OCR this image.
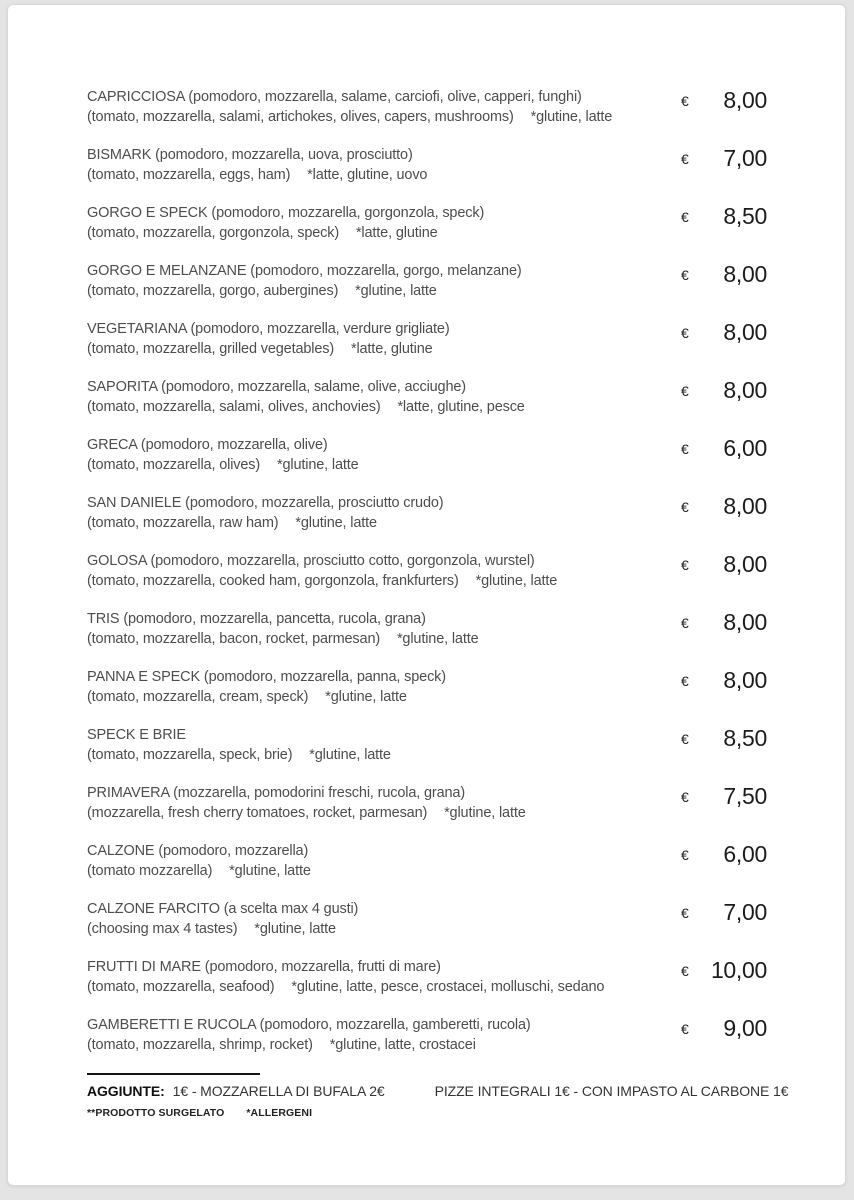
CAPRICCIOSA (pomodoro, mozzarella, salame, carciofi, olive, capperi, funghi)
(tomato, mozzarella, salami, artichokes, olives, capers, mushrooms) *glutine, latte
€	8,00
BISMARK (pomodoro, mozzarella, uova, prosciutto)
(tomato, mozzarella, eggs, ham) *latte, glutine, uovo
€	7,00
GORGO E SPECK (pomodoro, mozzarella, gorgonzola, speck)
(tomato, mozzarella, gorgonzola, speck) *latte, glutine
€	8,50
GORGO E MELANZANE (pomodoro, mozzarella, gorgo, melanzane)
(tomato, mozzarella, gorgo, aubergines) *glutine, latte
€	8,00
VEGETARIANA (pomodoro, mozzarella, verdure grigliate)
(tomato, mozzarella, grilled vegetables) *latte, glutine
€	8,00
SAPORITA (pomodoro, mozzarella, salame, olive, acciughe)
(tomato, mozzarella, salami, olives, anchovies) *latte, glutine, pesce
€	8,00
GRECA (pomodoro, mozzarella, olive)
(tomato, mozzarella, olives) *glutine, latte
€	6,00
SAN DANIELE (pomodoro, mozzarella, prosciutto crudo)
(tomato, mozzarella, raw ham) *glutine, latte
€	8,00
GOLOSA (pomodoro, mozzarella, prosciutto cotto, gorgonzola, wurstel)
(tomato, mozzarella, cooked ham, gorgonzola, frankfurters) *glutine, latte
€	8,00
TRIS (pomodoro, mozzarella, pancetta, rucola, grana)
(tomato, mozzarella, bacon, rocket, parmesan) *glutine, latte
€	8,00
PANNA E SPECK (pomodoro, mozzarella, panna, speck)
(tomato, mozzarella, cream, speck) *glutine, latte
€	8,00
SPECK E BRIE
(tomato, mozzarella, speck, brie) *glutine, latte
€	8,50
PRIMAVERA (mozzarella, pomodorini freschi, rucola, grana)
(mozzarella, fresh cherry tomatoes, rocket, parmesan) *glutine, latte
€	7,50
CALZONE (pomodoro, mozzarella)
(tomato mozzarella) *glutine, latte
€	6,00
CALZONE FARCITO (a scelta max 4 gusti)
(choosing max 4 tastes) *glutine, latte
€	7,00
FRUTTI DI MARE (pomodoro, mozzarella, frutti di mare)
(tomato, mozzarella, seafood) *glutine, latte, pesce, crostacei, molluschi, sedano
€ 10,00
GAMBERETTI E RUCOLA (pomodoro, mozzarella, gamberetti, rucola)
(tomato, mozzarella, shrimp, rocket) *glutine, latte, crostacei
€	9,00
AGGIUNTE: 1€ - MOZZARELLA DI BUFALA 2€	PIZZE INTEGRALI 1€ - CON IMPASTO AL CARBONE 1€
**PRODOTTO SURGELATO *ALLERGENI
